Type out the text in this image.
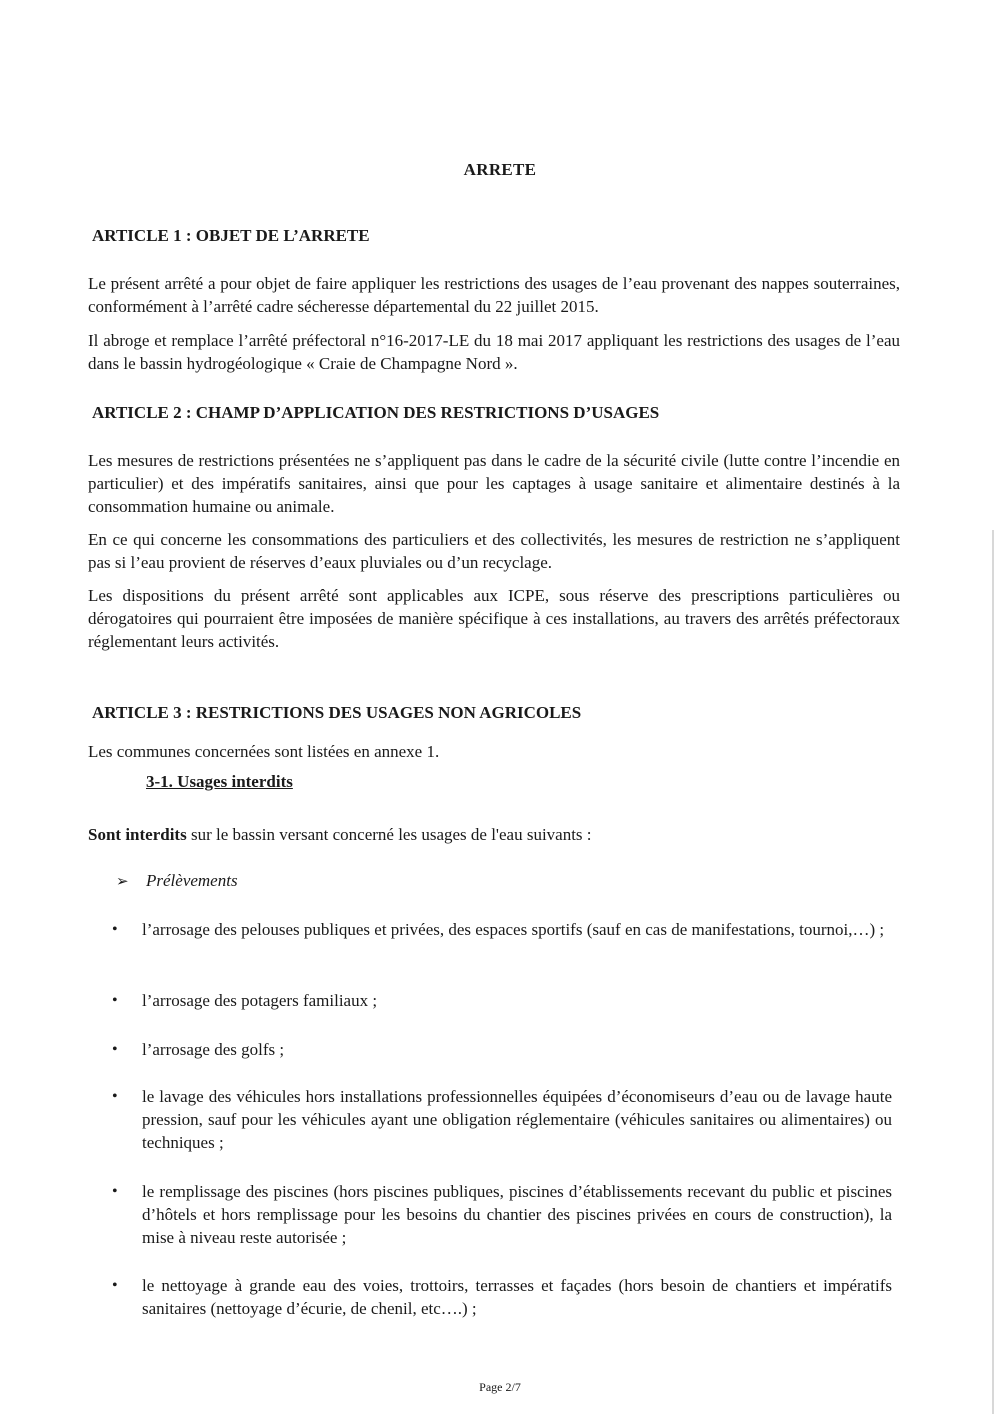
ARRETE

ARTICLE 1 : OBJET DE L’ARRETE

Le présent arrêté a pour objet de faire appliquer les restrictions des usages de l’eau provenant des nappes souterraines, conformément à l’arrêté cadre sécheresse départemental du 22 juillet 2015.

Il abroge et remplace l’arrêté préfectoral n°16-2017-LE du 18 mai 2017 appliquant les restrictions des usages de l’eau dans le bassin hydrogéologique « Craie de Champagne Nord ».

ARTICLE 2 : CHAMP D’APPLICATION DES RESTRICTIONS D’USAGES

Les mesures de restrictions présentées ne s’appliquent pas dans le cadre de la sécurité civile (lutte contre l’incendie en particulier) et des impératifs sanitaires, ainsi que pour les captages à usage sanitaire et alimentaire destinés à la consommation humaine ou animale.

En ce qui concerne les consommations des particuliers et des collectivités, les mesures de restriction ne s’appliquent pas si l’eau provient de réserves d’eaux pluviales ou d’un recyclage.

Les dispositions du présent arrêté sont applicables aux ICPE, sous réserve des prescriptions particulières ou dérogatoires qui pourraient être imposées de manière spécifique à ces installations, au travers des arrêtés préfectoraux réglementant leurs activités.

ARTICLE 3 : RESTRICTIONS DES USAGES NON AGRICOLES

Les communes concernées sont listées en annexe 1.

3-1. Usages interdits

Sont interdits sur le bassin versant concerné les usages de l'eau suivants :

➢ Prélèvements
•	l’arrosage des pelouses publiques et privées, des espaces sportifs (sauf en cas de manifestations, tournoi,…) ;
•	l’arrosage des potagers familiaux ;
•	l’arrosage des golfs ;
•	le lavage des véhicules hors installations professionnelles équipées d’économiseurs d’eau ou de lavage haute pression, sauf pour les véhicules ayant une obligation réglementaire (véhicules sanitaires ou alimentaires) ou techniques ;
•	le remplissage des piscines (hors piscines publiques, piscines d’établissements recevant du public et piscines d’hôtels et hors remplissage pour les besoins du chantier des piscines privées en cours de construction), la mise à niveau reste autorisée ;
•	le nettoyage à grande eau des voies, trottoirs, terrasses et façades (hors besoin de chantiers et impératifs sanitaires (nettoyage d’écurie, de chenil, etc….) ;
Page 2/7
